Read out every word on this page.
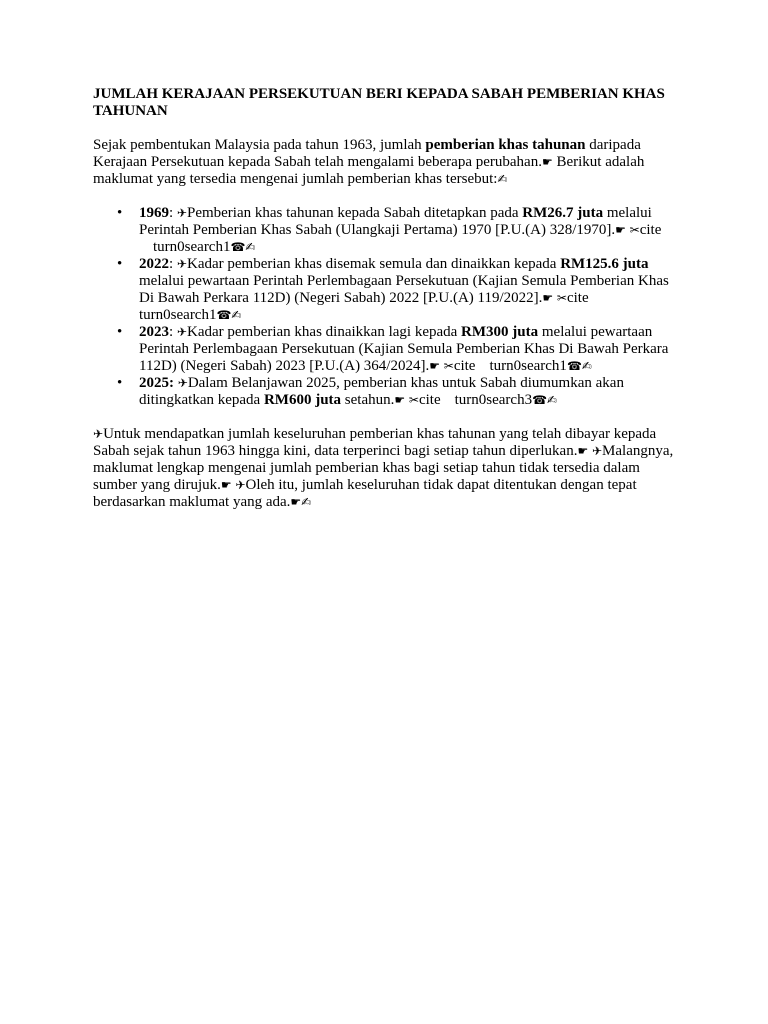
JUMLAH KERAJAAN PERSEKUTUAN BERI KEPADA SABAH PEMBERIAN KHAS TAHUNAN

Sejak pembentukan Malaysia pada tahun 1963, jumlah pemberian khas tahunan daripada Kerajaan Persekutuan kepada Sabah telah mengalami beberapa perubahan.☛ Berikut adalah maklumat yang tersedia mengenai jumlah pemberian khas tersebut:✍

• 1969: ✈Pemberian khas tahunan kepada Sabah ditetapkan pada RM26.7 juta melalui Perintah Pemberian Khas Sabah (Ulangkaji Pertama) 1970 [P.U.(A) 328/1970].☛ ✂citeturn0search1☎✍
• 2022: ✈Kadar pemberian khas disemak semula dan dinaikkan kepada RM125.6 juta melalui pewartaan Perintah Perlembagaan Persekutuan (Kajian Semula Pemberian Khas Di Bawah Perkara 112D) (Negeri Sabah) 2022 [P.U.(A) 119/2022].☛ ✂citeturn0search1☎✍
• 2023: ✈Kadar pemberian khas dinaikkan lagi kepada RM300 juta melalui pewartaan Perintah Perlembagaan Persekutuan (Kajian Semula Pemberian Khas Di Bawah Perkara 112D) (Negeri Sabah) 2023 [P.U.(A) 364/2024].☛ ✂cite turn0search1☎✍
• 2025: ✈Dalam Belanjawan 2025, pemberian khas untuk Sabah diumumkan akan ditingkatkan kepada RM600 juta setahun.☛ ✂cite turn0search3☎✍

✈Untuk mendapatkan jumlah keseluruhan pemberian khas tahunan yang telah dibayar kepada Sabah sejak tahun 1963 hingga kini, data terperinci bagi setiap tahun diperlukan.☛ ✈Malangnya, maklumat lengkap mengenai jumlah pemberian khas bagi setiap tahun tidak tersedia dalam sumber yang dirujuk.☛ ✈Oleh itu, jumlah keseluruhan tidak dapat ditentukan dengan tepat berdasarkan maklumat yang ada.☛✍
